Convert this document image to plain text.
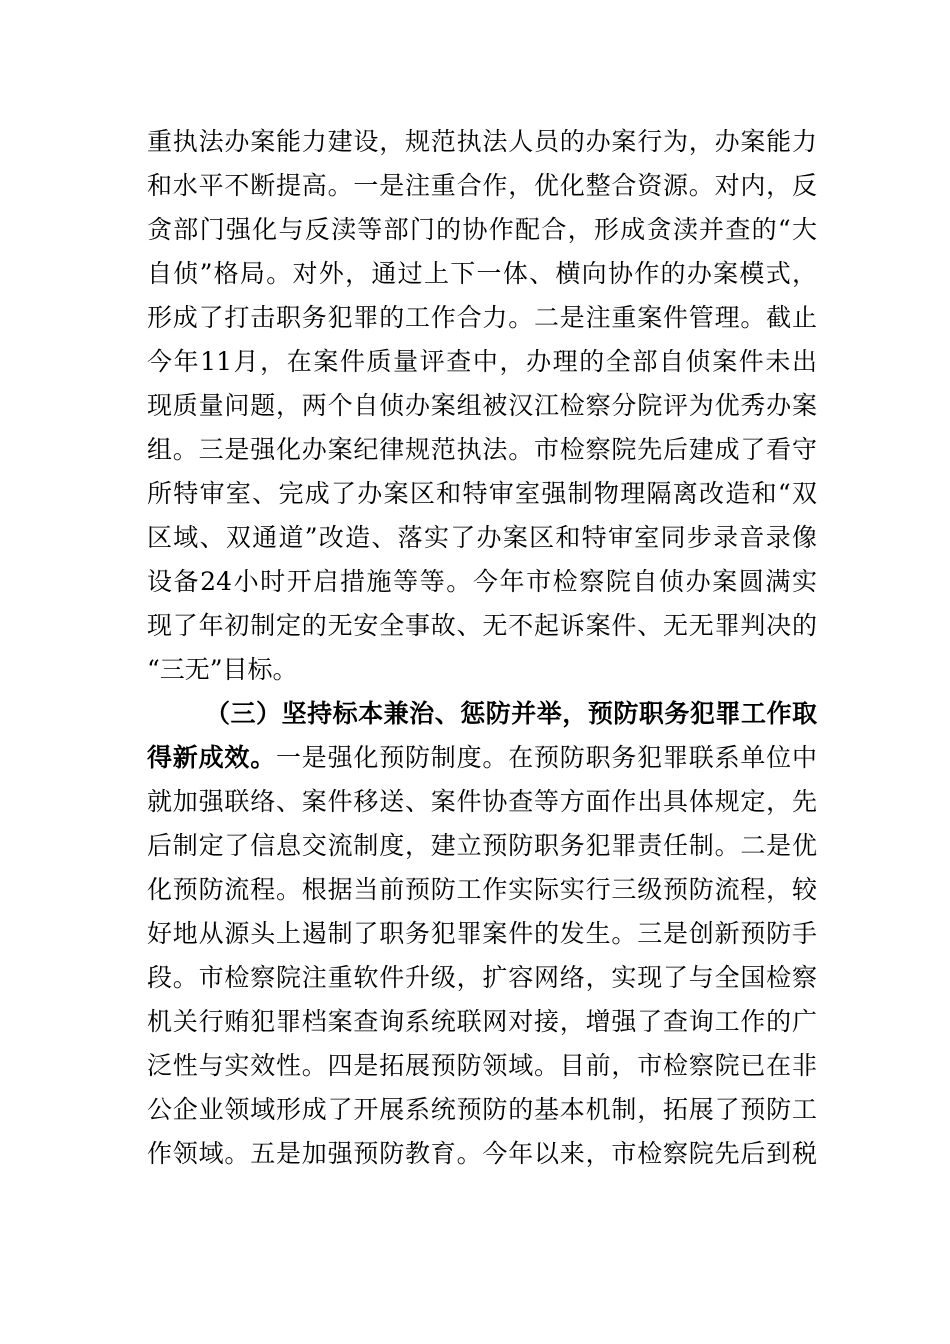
重执法办案能力建设，规范执法人员的办案行为，办案能力
和水平不断提高。一是注重合作，优化整合资源。对内，反
贪部门强化与反渎等部门的协作配合，形成贪渎并查的“大
自侦”格局。对外，通过上下一体、横向协作的办案模式，
形成了打击职务犯罪的工作合力。二是注重案件管理。截止
今年11月，在案件质量评查中，办理的全部自侦案件未出
现质量问题，两个自侦办案组被汉江检察分院评为优秀办案
组。三是强化办案纪律规范执法。市检察院先后建成了看守
所特审室、完成了办案区和特审室强制物理隔离改造和“双
区域、双通道”改造、落实了办案区和特审室同步录音录像
设备24小时开启措施等等。今年市检察院自侦办案圆满实
现了年初制定的无安全事故、无不起诉案件、无无罪判决的
“三无”目标。
（三）坚持标本兼治、惩防并举，预防职务犯罪工作取
得新成效。一是强化预防制度。在预防职务犯罪联系单位中
就加强联络、案件移送、案件协查等方面作出具体规定，先
后制定了信息交流制度，建立预防职务犯罪责任制。二是优
化预防流程。根据当前预防工作实际实行三级预防流程，较
好地从源头上遏制了职务犯罪案件的发生。三是创新预防手
段。市检察院注重软件升级，扩容网络，实现了与全国检察
机关行贿犯罪档案查询系统联网对接，增强了查询工作的广
泛性与实效性。四是拓展预防领域。目前，市检察院已在非
公企业领域形成了开展系统预防的基本机制，拓展了预防工
作领域。五是加强预防教育。今年以来，市检察院先后到税
